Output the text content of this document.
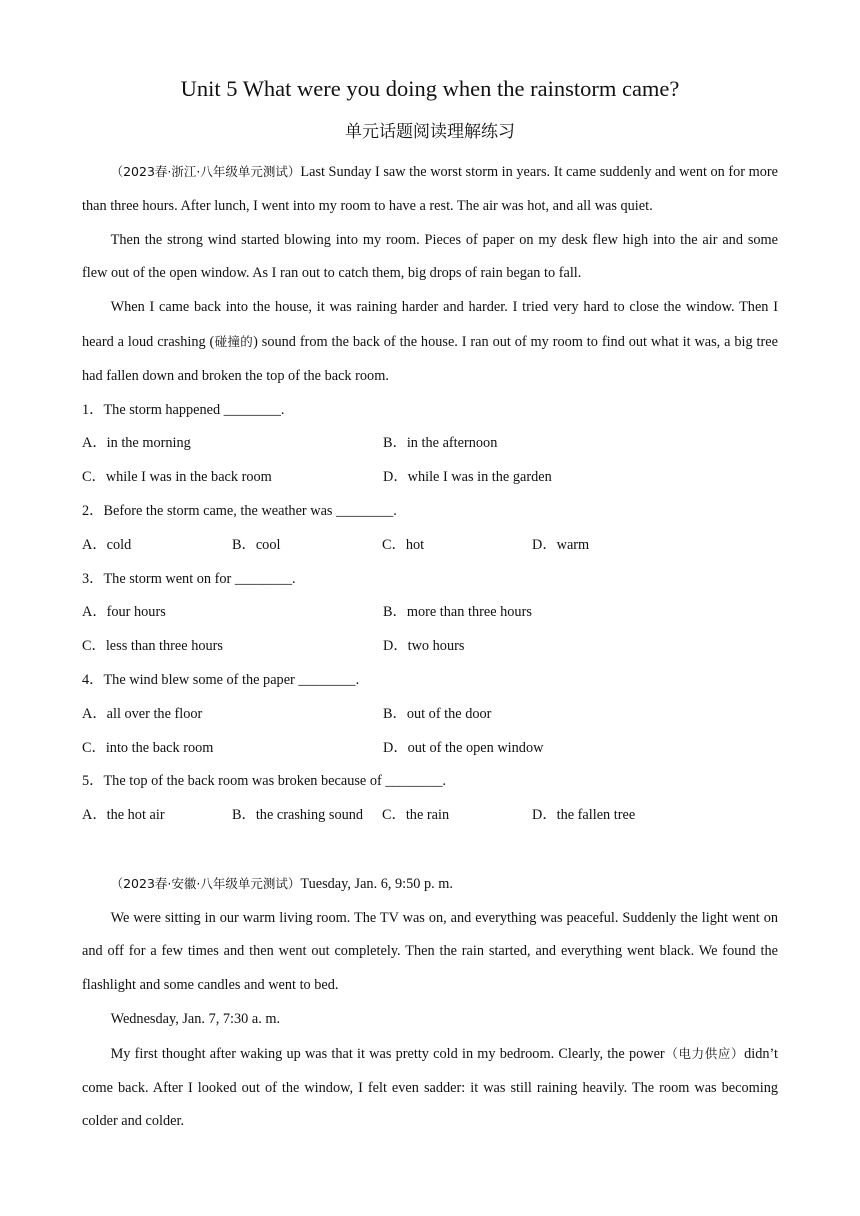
Unit 5 What were you doing when the rainstorm came?
单元话题阅读理解练习

（2023春·浙江·八年级单元测试）Last Sunday I saw the worst storm in years. It came suddenly and went on for more than three hours. After lunch, I went into my room to have a rest. The air was hot, and all was quiet.

Then the strong wind started blowing into my room. Pieces of paper on my desk flew high into the air and some flew out of the open window. As I ran out to catch them, big drops of rain began to fall.

When I came back into the house, it was raining harder and harder. I tried very hard to close the window. Then I heard a loud crashing (碰撞的) sound from the back of the house. I ran out of my room to find out what it was, a big tree had fallen down and broken the top of the back room.

1．The storm happened ________.

A．in the morning	B．in the afternoon
C．while I was in the back room	D．while I was in the garden

2．Before the storm came, the weather was ________.

A．cold	B．cool	C．hot	D．warm

3．The storm went on for ________.

A．four hours	B．more than three hours
C．less than three hours	D．two hours

4．The wind blew some of the paper ________.

A．all over the floor	B．out of the door
C．into the back room	D．out of the open window

5．The top of the back room was broken because of ________.

A．the hot air	B．the crashing sound	C．the rain	D．the fallen tree

（2023春·安徽·八年级单元测试）Tuesday, Jan. 6, 9:50 p. m.

We were sitting in our warm living room. The TV was on, and everything was peaceful. Suddenly the light went on and off for a few times and then went out completely. Then the rain started, and everything went black. We found the flashlight and some candles and went to bed.

Wednesday, Jan. 7, 7:30 a. m.

My first thought after waking up was that it was pretty cold in my bedroom. Clearly, the power（电力供应）didn’t come back. After I looked out of the window, I felt even sadder: it was still raining heavily. The room was becoming colder and colder.
